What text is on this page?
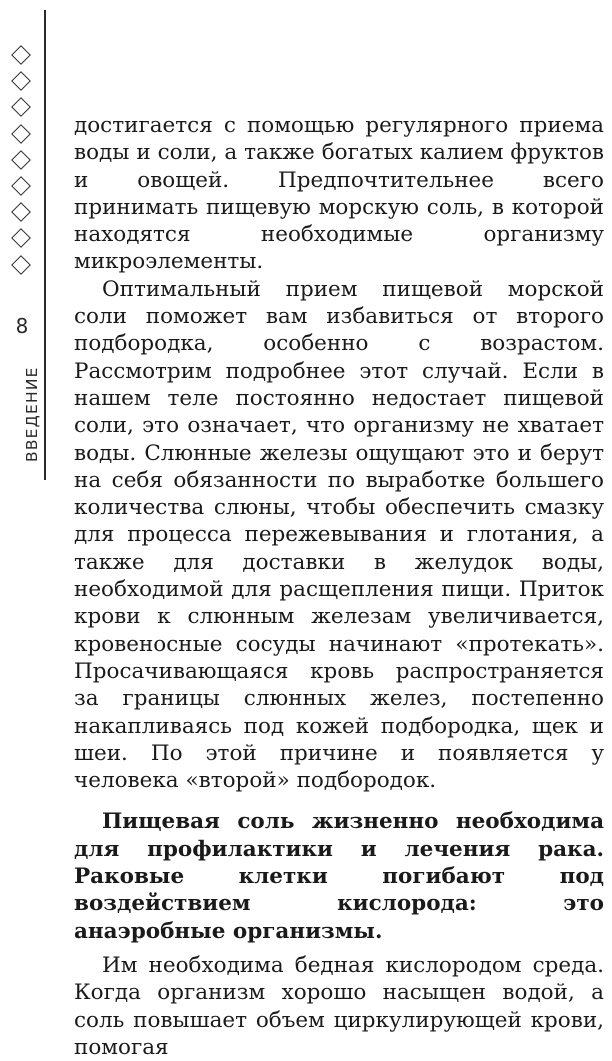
8
ВВЕДЕНИЕ

достигается с помощью регулярного приема воды и соли, а также богатых калием фруктов и овощей. Предпочтительнее всего принимать пищевую морскую соль, в которой находятся необходимые организму микроэлементы.

Оптимальный прием пищевой морской соли поможет вам избавиться от второго подбородка, особенно с возрастом. Рассмотрим подробнее этот случай. Если в нашем теле постоянно недостает пищевой соли, это означает, что организму не хватает воды. Слюнные железы ощущают это и берут на себя обязанности по выработке большего количества слюны, чтобы обеспечить смазку для процесса пережевывания и глотания, а также для доставки в желудок воды, необходимой для расщепления пищи. Приток крови к слюнным железам увеличивается, кровеносные сосуды начинают «протекать». Просачивающаяся кровь распространяется за границы слюнных желез, постепенно накапливаясь под кожей подбородка, щек и шеи. По этой причине и появляется у человека «второй» подбородок.

Пищевая соль жизненно необходима для профилактики и лечения рака. Раковые клетки погибают под воздействием кислорода: это анаэробные организмы.

Им необходима бедная кислородом среда. Когда организм хорошо насыщен водой, а соль повышает объем циркулирующей крови, помогая
